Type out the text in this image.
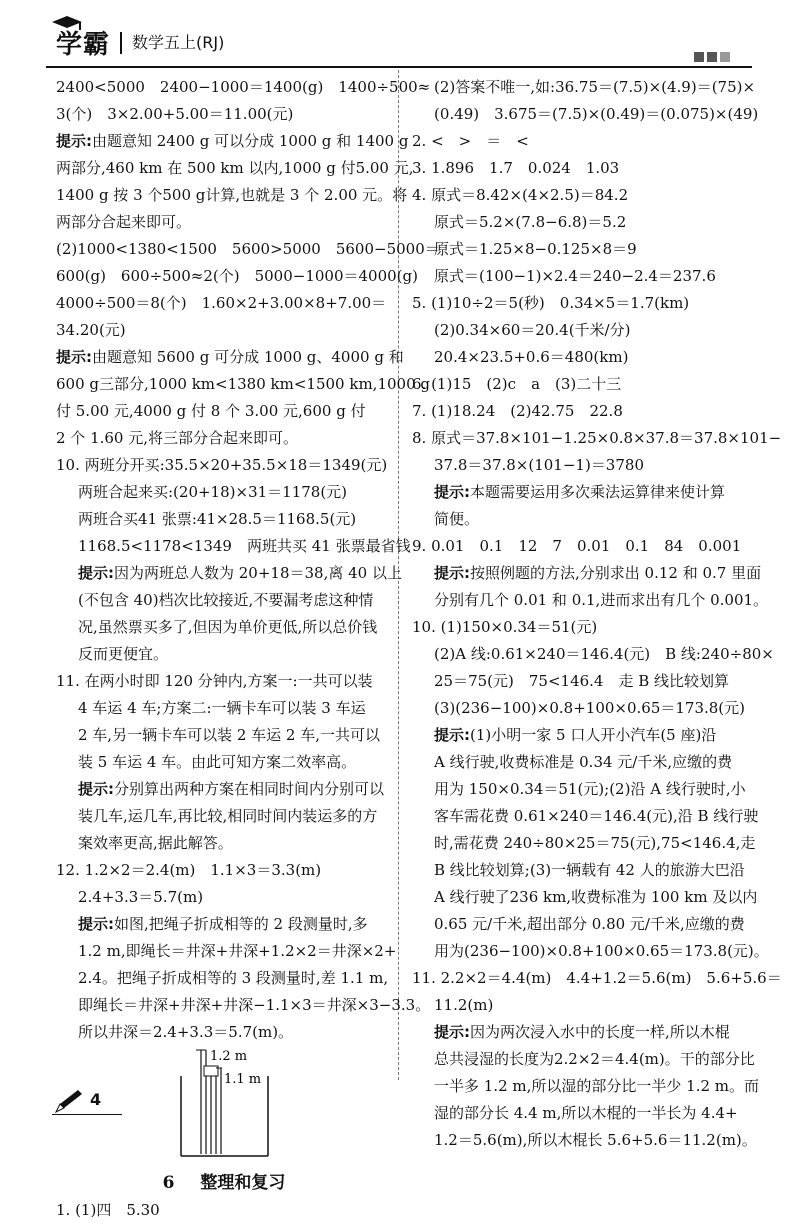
学霸 数学五上(RJ)
2400<5000　2400−1000＝1400(g)　1400÷500≈
3(个)　3×2.00+5.00＝11.00(元)
提示:由题意知 2400 g 可以分成 1000 g 和 1400 g
两部分,460 km 在 500 km 以内,1000 g 付5.00 元,
1400 g 按 3 个500 g计算,也就是 3 个 2.00 元。将
两部分合起来即可。
(2)1000<1380<1500　5600>5000　5600−5000＝
600(g)　600÷500≈2(个)　5000−1000＝4000(g)
4000÷500＝8(个)　1.60×2+3.00×8+7.00＝
34.20(元)
提示:由题意知 5600 g 可分成 1000 g、4000 g 和
600 g三部分,1000 km<1380 km<1500 km,1000 g
付 5.00 元,4000 g 付 8 个 3.00 元,600 g 付
2 个 1.60 元,将三部分合起来即可。
10. 两班分开买:35.5×20+35.5×18＝1349(元)
两班合起来买:(20+18)×31＝1178(元)
两班合买41 张票:41×28.5＝1168.5(元)
1168.5<1178<1349　两班共买 41 张票最省钱
提示:因为两班总人数为 20+18＝38,离 40 以上
(不包含 40)档次比较接近,不要漏考虑这种情
况,虽然票买多了,但因为单价更低,所以总价钱
反而更便宜。
11. 在两小时即 120 分钟内,方案一:一共可以装
4 车运 4 车;方案二:一辆卡车可以装 3 车运
2 车,另一辆卡车可以装 2 车运 2 车,一共可以
装 5 车运 4 车。由此可知方案二效率高。
提示:分别算出两种方案在相同时间内分别可以
装几车,运几车,再比较,相同时间内装运多的方
案效率更高,据此解答。
12. 1.2×2＝2.4(m)　1.1×3＝3.3(m)
2.4+3.3＝5.7(m)
提示:如图,把绳子折成相等的 2 段测量时,多
1.2 m,即绳长＝井深+井深+1.2×2＝井深×2+
2.4。把绳子折成相等的 3 段测量时,差 1.1 m,
即绳长＝井深+井深+井深−1.1×3＝井深×3−3.3。
所以井深＝2.4+3.3＝5.7(m)。
1.2 m
1.1 m
6 整理和复习
1. (1)四　5.30
(2)答案不唯一,如:36.75＝(7.5)×(4.9)＝(75)×
(0.49)　3.675＝(7.5)×(0.49)＝(0.075)×(49)
2. <　>　＝　<
3. 1.896　1.7　0.024　1.03
4. 原式＝8.42×(4×2.5)＝84.2
原式＝5.2×(7.8−6.8)＝5.2
原式＝1.25×8−0.125×8＝9
原式＝(100−1)×2.4＝240−2.4＝237.6
5. (1)10÷2＝5(秒)　0.34×5＝1.7(km)
(2)0.34×60＝20.4(千米/分)
20.4×23.5+0.6＝480(km)
6. (1)15　(2)c　a　(3)二十三
7. (1)18.24　(2)42.75　22.8
8. 原式＝37.8×101−1.25×0.8×37.8＝37.8×101−
37.8＝37.8×(101−1)＝3780
提示:本题需要运用多次乘法运算律来使计算
简便。
9. 0.01　0.1　12　7　0.01　0.1　84　0.001
提示:按照例题的方法,分别求出 0.12 和 0.7 里面
分别有几个 0.01 和 0.1,进而求出有几个 0.001。
10. (1)150×0.34＝51(元)
(2)A 线:0.61×240＝146.4(元)　B 线:240÷80×
25＝75(元)　75<146.4　走 B 线比较划算
(3)(236−100)×0.8+100×0.65＝173.8(元)
提示:(1)小明一家 5 口人开小汽车(5 座)沿
A 线行驶,收费标准是 0.34 元/千米,应缴的费
用为 150×0.34＝51(元);(2)沿 A 线行驶时,小
客车需花费 0.61×240＝146.4(元),沿 B 线行驶
时,需花费 240÷80×25＝75(元),75<146.4,走
B 线比较划算;(3)一辆载有 42 人的旅游大巴沿
A 线行驶了236 km,收费标准为 100 km 及以内
0.65 元/千米,超出部分 0.80 元/千米,应缴的费
用为(236−100)×0.8+100×0.65＝173.8(元)。
11. 2.2×2＝4.4(m)　4.4+1.2＝5.6(m)　5.6+5.6＝
11.2(m)
提示:因为两次浸入水中的长度一样,所以木棍
总共浸湿的长度为2.2×2＝4.4(m)。干的部分比
一半多 1.2 m,所以湿的部分比一半少 1.2 m。而
湿的部分长 4.4 m,所以木棍的一半长为 4.4+
1.2＝5.6(m),所以木棍长 5.6+5.6＝11.2(m)。
4
